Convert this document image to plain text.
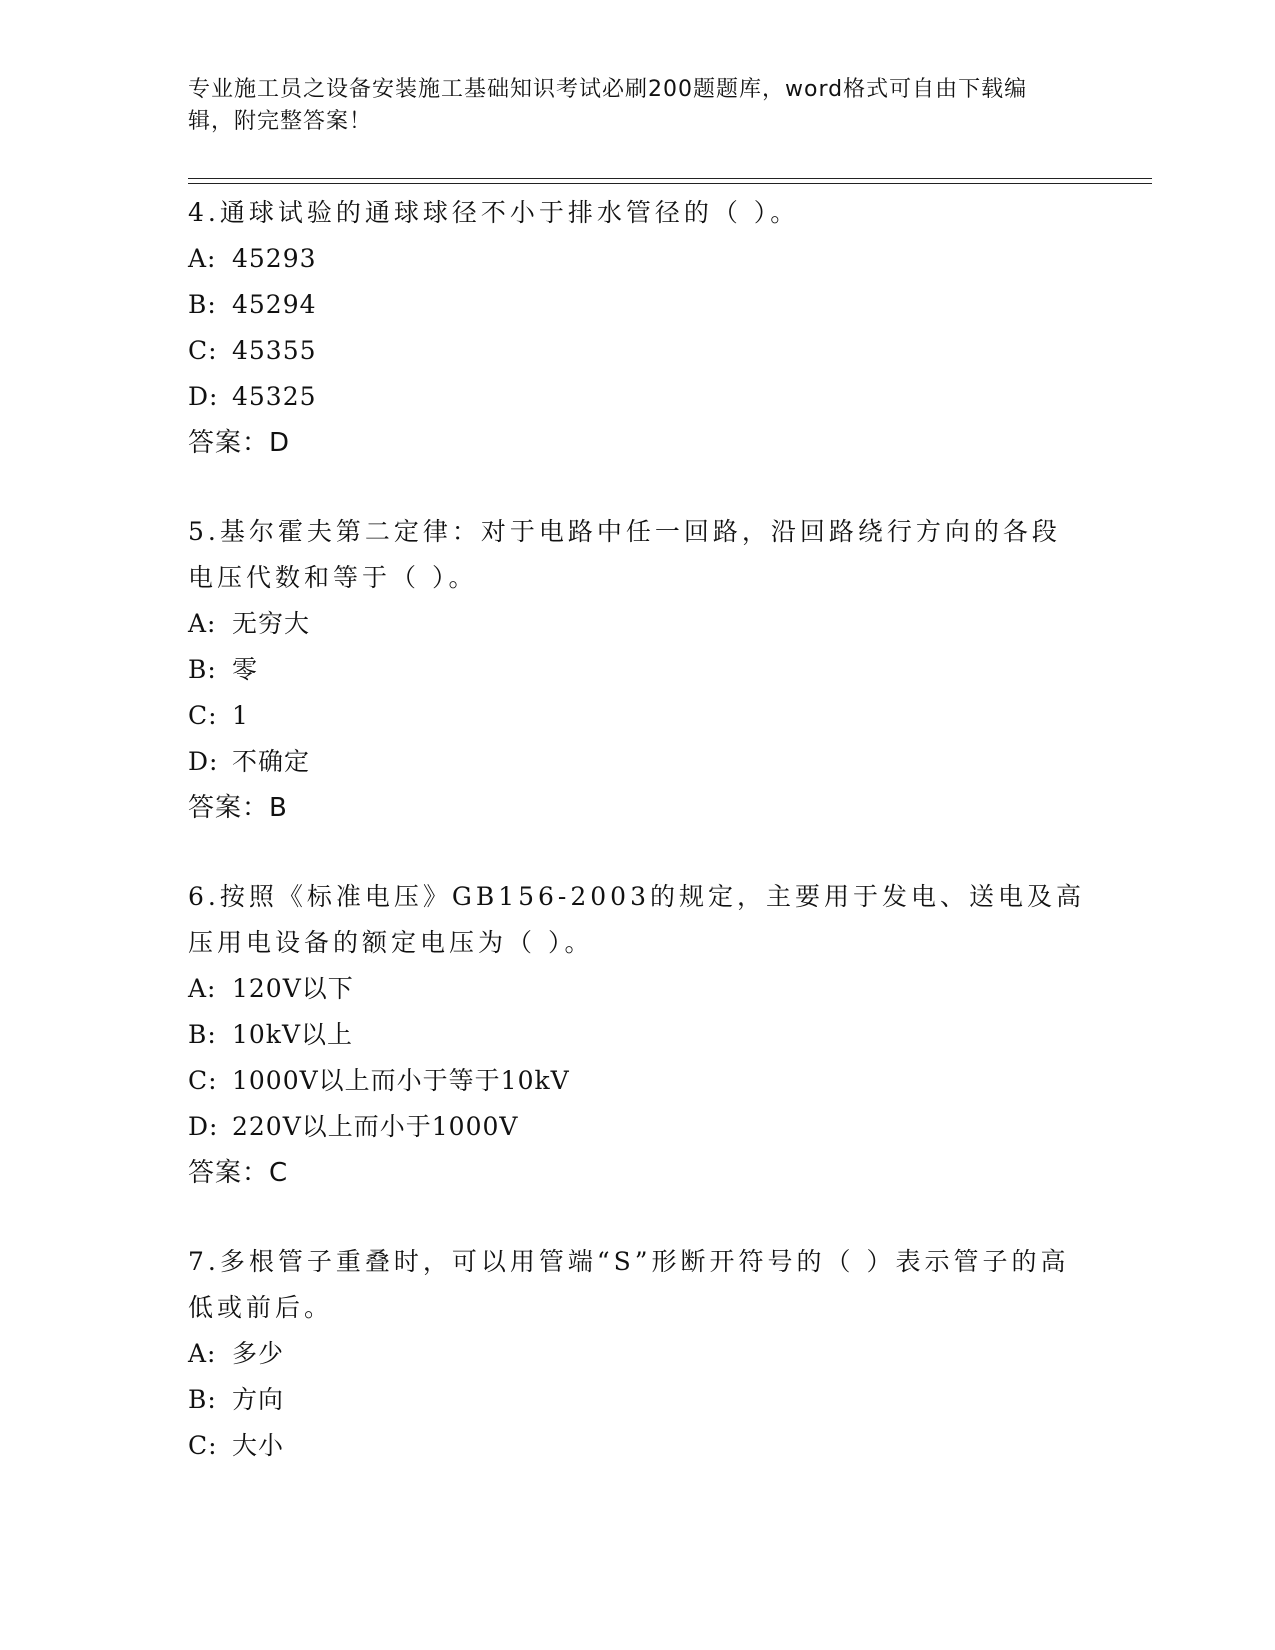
专业施工员之设备安装施工基础知识考试必刷200题题库，word格式可自由下载编辑，附完整答案！
4.通球试验的通球球径不小于排水管径的（ ）。
A: 45293
B: 45294
C: 45355
D: 45325
答案：D
5.基尔霍夫第二定律：对于电路中任一回路，沿回路绕行方向的各段电压代数和等于（ ）。
A: 无穷大
B: 零
C: 1
D: 不确定
答案：B
6.按照《标准电压》GB156-2003的规定，主要用于发电、送电及高压用电设备的额定电压为（ ）。
A: 120V以下
B: 10kV以上
C: 1000V以上而小于等于10kV
D: 220V以上而小于1000V
答案：C
7.多根管子重叠时，可以用管端“S”形断开符号的（ ）表示管子的高低或前后。
A: 多少
B: 方向
C: 大小
